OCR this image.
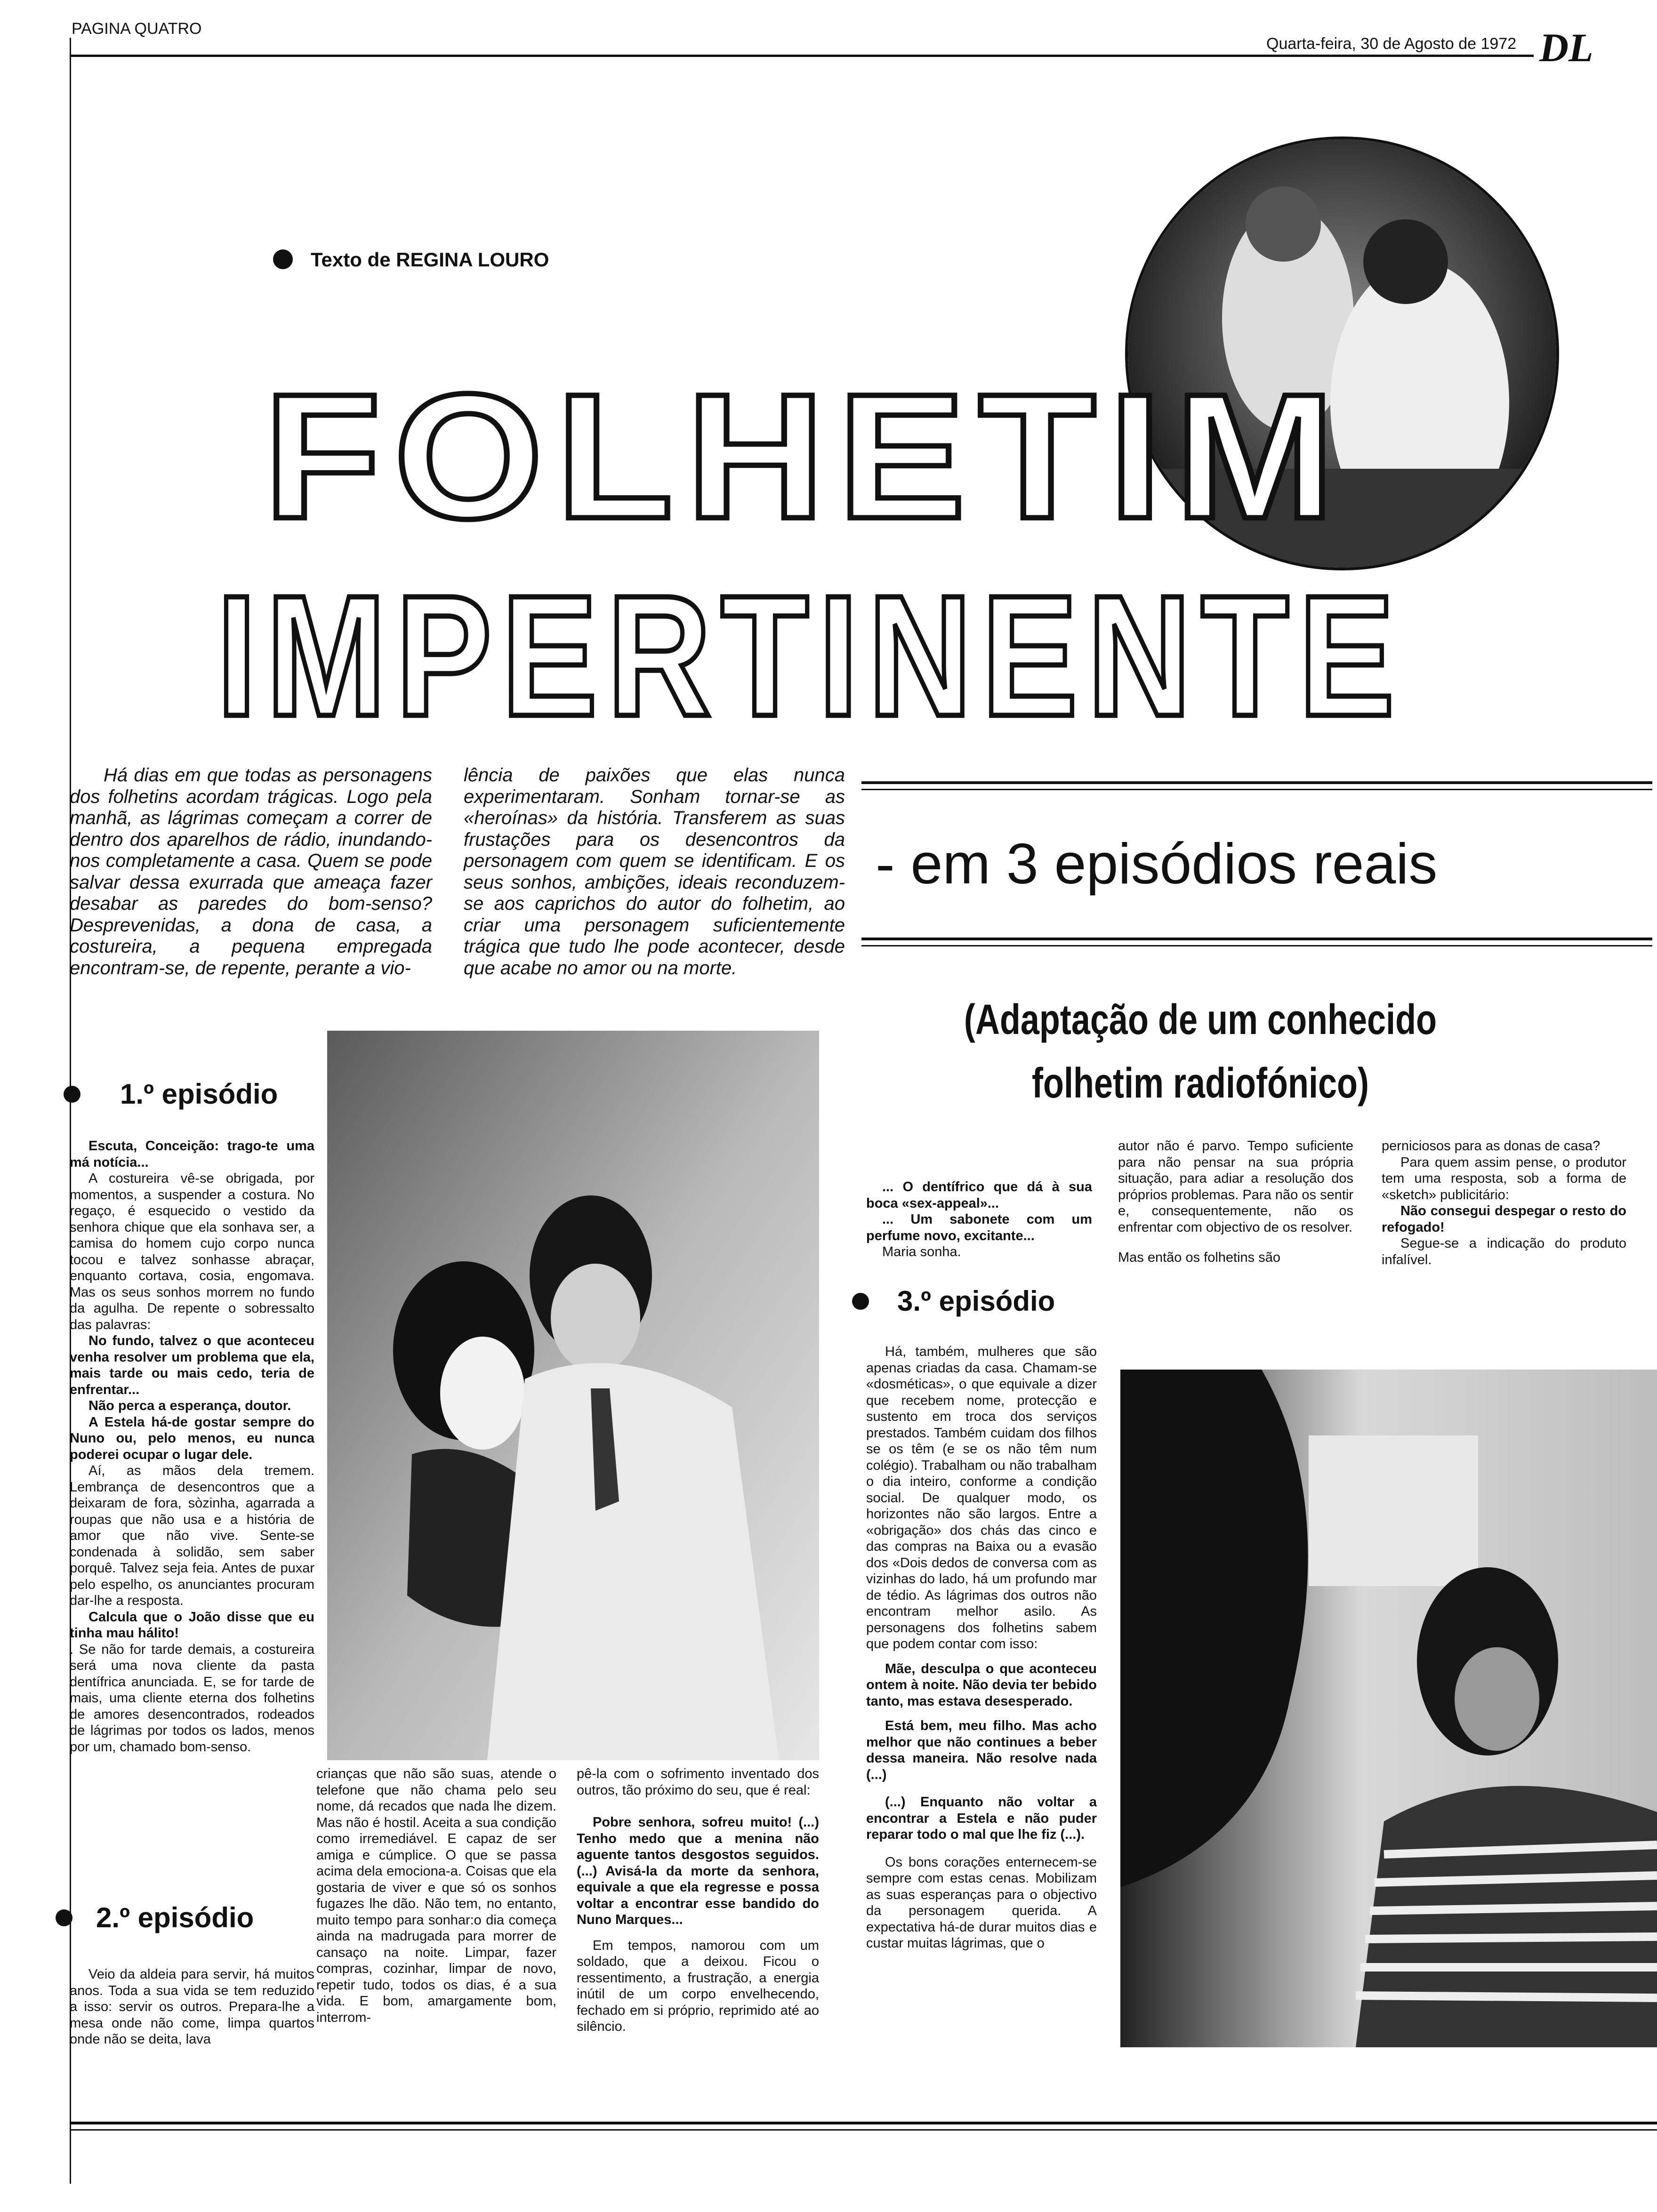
PAGINA QUATRO
Quarta-feira, 30 de Agosto de 1972 DL
Texto de REGINA LOURO
FOLHETIM
IMPERTINENTE
- em 3 episódios reais
(Adaptação de um conhecido
folhetim radiofónico)

Há dias em que todas as personagens dos folhetins acordam trágicas. Logo pela manhã, as lágrimas começam a correr de dentro dos aparelhos de rádio, inundando-nos completamente a casa. Quem se pode salvar dessa exurrada que ameaça fazer desabar as paredes do bom-senso? Desprevenidas, a dona de casa, a costureira, a pequena empregada encontram-se, de repente, perante a vio-

lência de paixões que elas nunca experimentaram. Sonham tornar-se as «heroínas» da história. Transferem as suas frustações para os desencontros da personagem com quem se identificam. E os seus sonhos, ambições, ideais reconduzem-se aos caprichos do autor do folhetim, ao criar uma personagem suficientemente trágica que tudo lhe pode acontecer, desde que acabe no amor ou na morte.

1.º episódio

Escuta, Conceição: trago-te uma má notícia...

A costureira vê-se obrigada, por momentos, a suspender a costura. No regaço, é esquecido o vestido da senhora chique que ela sonhava ser, a camisa do homem cujo corpo nunca tocou e talvez sonhasse abraçar, enquanto cortava, cosia, engomava. Mas os seus sonhos morrem no fundo da agulha. De repente o sobressalto das palavras:

No fundo, talvez o que aconteceu venha resolver um problema que ela, mais tarde ou mais cedo, teria de enfrentar...

Não perca a esperança, doutor.

A Estela há-de gostar sempre do Nuno ou, pelo menos, eu nunca poderei ocupar o lugar dele.

Aí, as mãos dela tremem. Lembrança de desencontros que a deixaram de fora, sòzinha, agarrada a roupas que não usa e a história de amor que não vive. Sente-se condenada à solidão, sem saber porquê. Talvez seja feia. Antes de puxar pelo espelho, os anunciantes procuram dar-lhe a resposta.

Calcula que o João disse que eu tinha mau hálito!

. Se não for tarde demais, a costureira será uma nova cliente da pasta dentífrica anunciada. E, se for tarde de mais, uma cliente eterna dos folhetins de amores desencontrados, rodeados de lágrimas por todos os lados, menos por um, chamado bom-senso.

2.º episódio

Veio da aldeia para servir, há muitos anos. Toda a sua vida se tem reduzido a isso: servir os outros. Prepara-lhe a mesa onde não come, limpa quartos onde não se deita, lava

crianças que não são suas, atende o telefone que não chama pelo seu nome, dá recados que nada lhe dizem. Mas não é hostil. Aceita a sua condição como irremediável. E capaz de ser amiga e cúmplice. O que se passa acima dela emociona-a. Coisas que ela gostaria de viver e que só os sonhos fugazes lhe dão. Não tem, no entanto, muito tempo para sonhar:o dia começa ainda na madrugada para morrer de cansaço na noite. Limpar, fazer compras, cozinhar, limpar de novo, repetir tudo, todos os dias, é a sua vida. E bom, amargamente bom, interrom-

pê-la com o sofrimento inventado dos outros, tão próximo do seu, que é real:

Pobre senhora, sofreu muito! (...) Tenho medo que a menina não aguente tantos desgostos seguidos. (...) Avisá-la da morte da senhora, equivale a que ela regresse e possa voltar a encontrar esse bandido do Nuno Marques...

Em tempos, namorou com um soldado, que a deixou. Ficou o ressentimento, a frustração, a energia inútil de um corpo envelhecendo, fechado em si próprio, reprimido até ao silêncio.

... O dentífrico que dá à sua boca «sex-appeal»...

... Um sabonete com um perfume novo, excitante...

Maria sonha.

3.º episódio

Há, também, mulheres que são apenas criadas da casa. Chamam-se «dosméticas», o que equivale a dizer que recebem nome, protecção e sustento em troca dos serviços prestados. Também cuidam dos filhos se os têm (e se os não têm num colégio). Trabalham ou não trabalham o dia inteiro, conforme a condição social. De qualquer modo, os horizontes não são largos. Entre a «obrigação» dos chás das cinco e das compras na Baixa ou a evasão dos «Dois dedos de conversa com as vizinhas do lado, há um profundo mar de tédio. As lágrimas dos outros não encontram melhor asilo. As personagens dos folhetins sabem que podem contar com isso:

Mãe, desculpa o que aconteceu ontem à noite. Não devia ter bebido tanto, mas estava desesperado.

Está bem, meu filho. Mas acho melhor que não continues a beber dessa maneira. Não resolve nada (...)

(...) Enquanto não voltar a encontrar a Estela e não puder reparar todo o mal que lhe fiz (...).

Os bons corações enternecem-se sempre com estas cenas. Mobilizam as suas esperanças para o objectivo da personagem querida. A expectativa há-de durar muitos dias e custar muitas lágrimas, que o

autor não é parvo. Tempo suficiente para não pensar na sua própria situação, para adiar a resolução dos próprios problemas. Para não os sentir e, consequentemente, não os enfrentar com objectivo de os resolver.

Mas então os folhetins são

perniciosos para as donas de casa?

Para quem assim pense, o produtor tem uma resposta, sob a forma de «sketch» publicitário:

Não consegui despegar o resto do refogado!

Segue-se a indicação do produto infalível.
